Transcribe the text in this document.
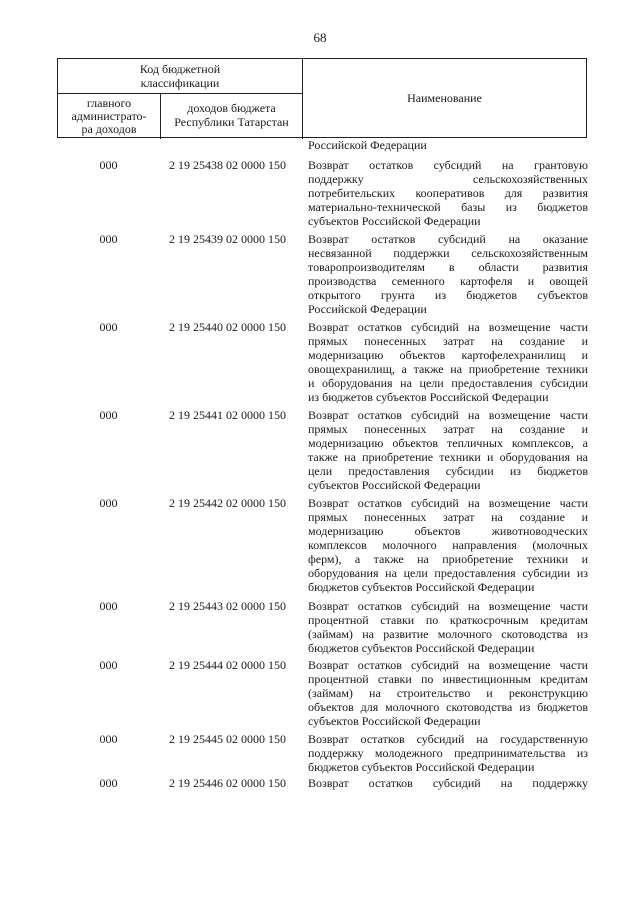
68
Код бюджетной
классификации
главного
администрато-
ра доходов
доходов бюджета
Республики Татарстан
Наименование
Российской Федерации
000	2 19 25438 02 0000 150	Возврат остатков субсидий на грантовую
поддержку сельскохозяйственных
потребительских кооперативов для развития
материально-технической базы из бюджетов
субъектов Российской Федерации
000	2 19 25439 02 0000 150	Возврат остатков субсидий на оказание
несвязанной поддержки сельскохозяйственным
товаропроизводителям в области развития
производства семенного картофеля и овощей
открытого грунта из бюджетов субъектов
Российской Федерации
000	2 19 25440 02 0000 150	Возврат остатков субсидий на возмещение части
прямых понесенных затрат на создание и
модернизацию объектов картофелехранилищ и
овощехранилищ, а также на приобретение техники
и оборудования на цели предоставления субсидии
из бюджетов субъектов Российской Федерации
000	2 19 25441 02 0000 150	Возврат остатков субсидий на возмещение части
прямых понесенных затрат на создание и
модернизацию объектов тепличных комплексов, а
также на приобретение техники и оборудования на
цели предоставления субсидии из бюджетов
субъектов Российской Федерации
000	2 19 25442 02 0000 150	Возврат остатков субсидий на возмещение части
прямых понесенных затрат на создание и
модернизацию объектов животноводческих
комплексов молочного направления (молочных
ферм), а также на приобретение техники и
оборудования на цели предоставления субсидии из
бюджетов субъектов Российской Федерации
000	2 19 25443 02 0000 150	Возврат остатков субсидий на возмещение части
процентной ставки по краткосрочным кредитам
(займам) на развитие молочного скотоводства из
бюджетов субъектов Российской Федерации
000	2 19 25444 02 0000 150	Возврат остатков субсидий на возмещение части
процентной ставки по инвестиционным кредитам
(займам) на строительство и реконструкцию
объектов для молочного скотоводства из бюджетов
субъектов Российской Федерации
000	2 19 25445 02 0000 150	Возврат остатков субсидий на государственную
поддержку молодежного предпринимательства из
бюджетов субъектов Российской Федерации
000	2 19 25446 02 0000 150	Возврат остатков субсидий на поддержку
